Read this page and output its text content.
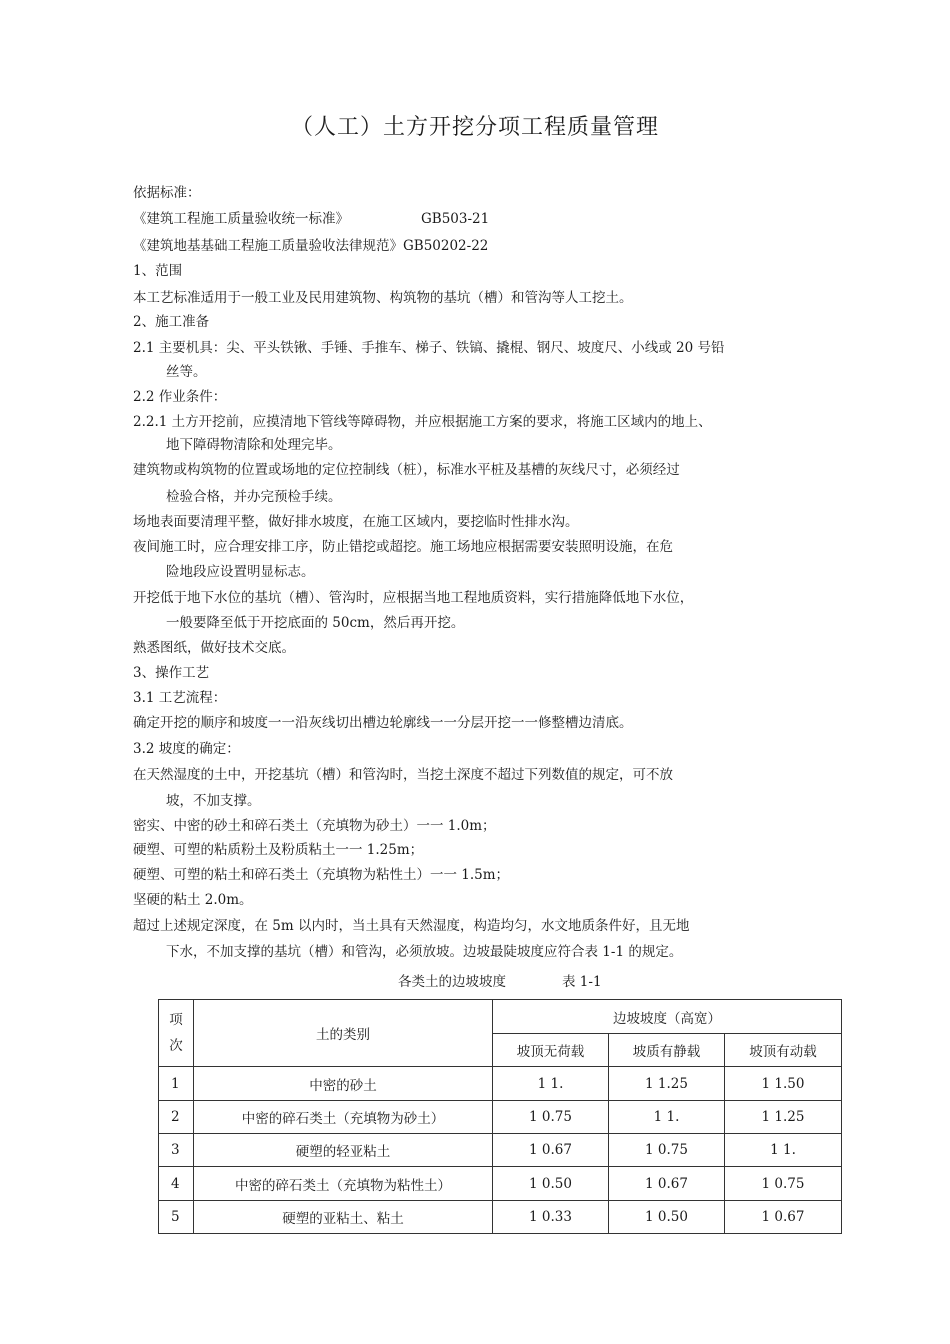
（人工）土方开挖分项工程质量管理
依据标准：
《建筑工程施工质量验收统一标准》	GB503-21
《建筑地基基础工程施工质量验收法律规范》GB50202-22
1、范围
本工艺标准适用于一般工业及民用建筑物、构筑物的基坑（槽）和管沟等人工挖土。
2、施工准备
2.1 主要机具：尖、平头铁锹、手锤、手推车、梯子、铁镐、撬棍、钢尺、坡度尺、小线或 20 号铅
丝等。
2.2 作业条件：
2.2.1 土方开挖前，应摸清地下管线等障碍物，并应根据施工方案的要求，将施工区域内的地上、
地下障碍物清除和处理完毕。
建筑物或构筑物的位置或场地的定位控制线（桩），标准水平桩及基槽的灰线尺寸，必须经过
检验合格，并办完预检手续。
场地表面要清理平整，做好排水坡度，在施工区域内，要挖临时性排水沟。
夜间施工时，应合理安排工序，防止错挖或超挖。施工场地应根据需要安装照明设施，在危
险地段应设置明显标志。
开挖低于地下水位的基坑（槽）、管沟时，应根据当地工程地质资料，实行措施降低地下水位，
一般要降至低于开挖底面的 50cm，然后再开挖。
熟悉图纸，做好技术交底。
3、操作工艺
3.1 工艺流程：
确定开挖的顺序和坡度一一沿灰线切出槽边轮廓线一一分层开挖一一修整槽边清底。
3.2 坡度的确定：
在天然湿度的土中，开挖基坑（槽）和管沟时，当挖土深度不超过下列数值的规定，可不放
坡，不加支撑。
密实、中密的砂土和碎石类土（充填物为砂土）一一 1.0m；
硬塑、可塑的粘质粉土及粉质粘土一一 1.25m；
硬塑、可塑的粘土和碎石类土（充填物为粘性土）一一 1.5m；
坚硬的粘土 2.0m。
超过上述规定深度，在 5m 以内时，当土具有天然湿度，构造均匀，水文地质条件好，且无地
下水，不加支撑的基坑（槽）和管沟，必须放坡。边坡最陡坡度应符合表 1-1 的规定。
各类土的边坡坡度	表 1-1
项
次	土的类别	边坡坡度（高宽）		
		坡顶无荷载	坡质有静载	坡顶有动载
1	中密的砂土	1 1.	1 1.25	1 1.50
2	中密的碎石类土（充填物为砂土）	1 0.75	1 1.	1 1.25
3	硬塑的轻亚粘土	1 0.67	1 0.75	1 1.
4	中密的碎石类土（充填物为粘性土）	1 0.50	1 0.67	1 0.75
5	硬塑的亚粘土、粘土	1 0.33	1 0.50	1 0.67
